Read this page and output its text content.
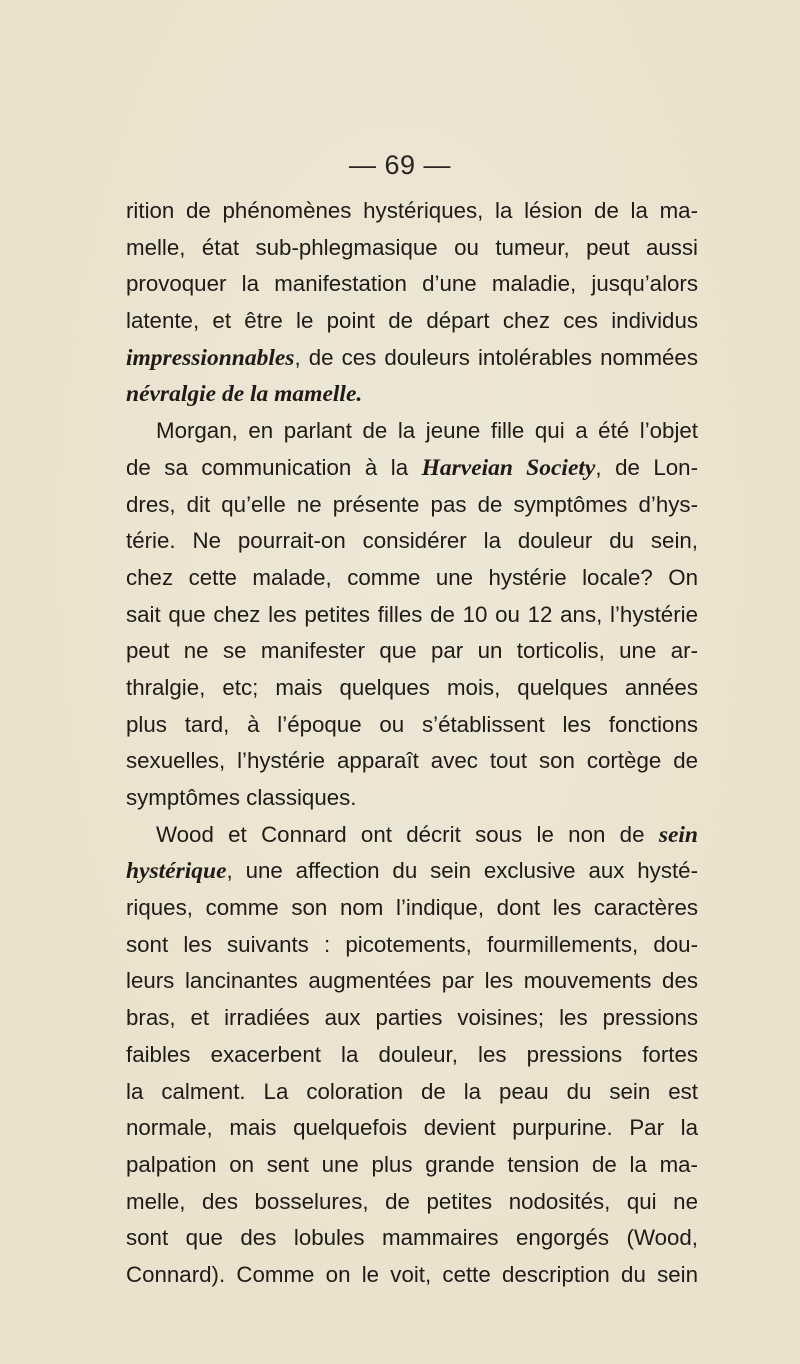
— 69 —
rition de phénomènes hystériques, la lésion de la ma-
melle, état sub-phlegmasique ou tumeur, peut aussi
provoquer la manifestation d’une maladie, jusqu’alors
latente, et être le point de départ chez ces individus
impressionnables, de ces douleurs intolérables nommées
névralgie de la mamelle.
Morgan, en parlant de la jeune fille qui a été l’objet
de sa communication à la Harveian Society, de Lon-
dres, dit qu’elle ne présente pas de symptômes d’hys-
térie. Ne pourrait-on considérer la douleur du sein,
chez cette malade, comme une hystérie locale? On
sait que chez les petites filles de 10 ou 12 ans, l’hystérie
peut ne se manifester que par un torticolis, une ar-
thralgie, etc; mais quelques mois, quelques années
plus tard, à l’époque ou s’établissent les fonctions
sexuelles, l’hystérie apparaît avec tout son cortège de
symptômes classiques.
Wood et Connard ont décrit sous le non de sein
hystérique, une affection du sein exclusive aux hysté-
riques, comme son nom l’indique, dont les caractères
sont les suivants : picotements, fourmillements, dou-
leurs lancinantes augmentées par les mouvements des
bras, et irradiées aux parties voisines; les pressions
faibles exacerbent la douleur, les pressions fortes
la calment. La coloration de la peau du sein est
normale, mais quelquefois devient purpurine. Par la
palpation on sent une plus grande tension de la ma-
melle, des bosselures, de petites nodosités, qui ne
sont que des lobules mammaires engorgés (Wood,
Connard). Comme on le voit, cette description du sein
